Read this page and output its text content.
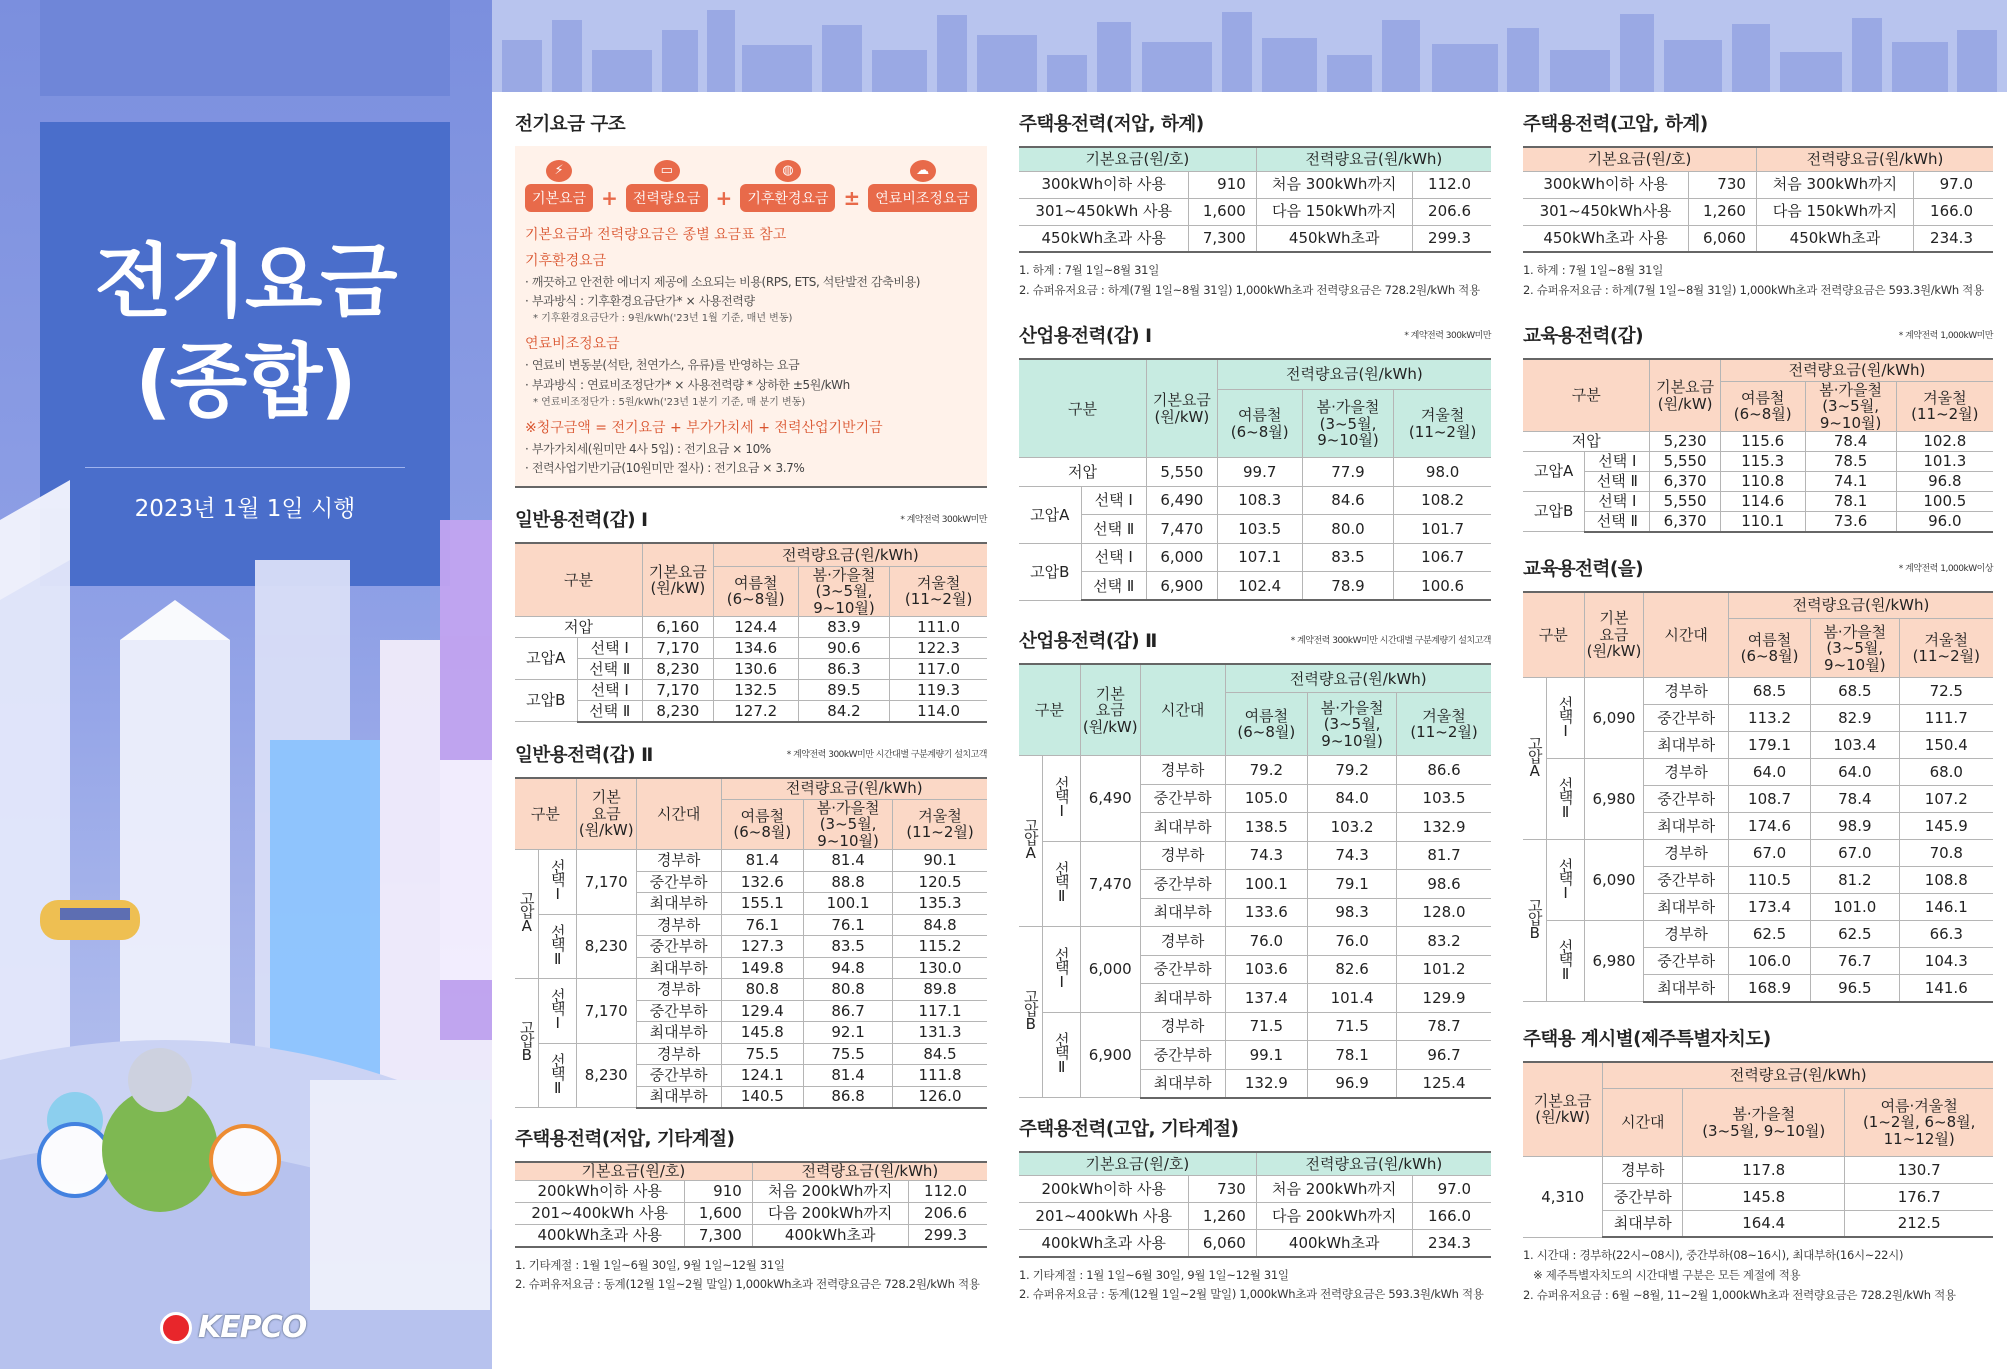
전기요금
(종합)
2023년 1월 1일 시행
KEPCO
전기요금 구조
⚡
기본요금 +
▭
전력량요금 +
◍
기후환경요금 ±
☁
연료비조정요금
기본요금과 전력량요금은 종별 요금표 참고
기후환경요금
· 깨끗하고 안전한 에너지 제공에 소요되는 비용(RPS, ETS, 석탄발전 감축비용)
· 부과방식 : 기후환경요금단가* × 사용전력량
* 기후환경요금단가 : 9원/kWh('23년 1월 기준, 매년 변동)
연료비조정요금
· 연료비 변동분(석탄, 천연가스, 유류)를 반영하는 요금
· 부과방식 : 연료비조정단가* × 사용전력량 * 상하한 ±5원/kWh
* 연료비조정단가 : 5원/kWh('23년 1분기 기준, 매 분기 변동)
※청구금액 = 전기요금 + 부가가치세 + 전력산업기반기금
· 부가가치세(원미만 4사 5입) : 전기요금 × 10%
· 전력사업기반기금(10원미만 절사) : 전기요금 × 3.7%
일반용전력(갑) Ⅰ	* 계약전력 300kW미만
구분		기본요금
(원/kW)	전력량요금(원/kWh)		
			여름철
(6~8월)	봄·가을철
(3~5월,
9~10월)	겨울철
(11~2월)
저압		6,160	124.4	83.9	111.0
고압A	선택 Ⅰ	7,170	134.6	90.6	122.3
	선택 Ⅱ	8,230	130.6	86.3	117.0
고압B	선택 Ⅰ	7,170	132.5	89.5	119.3
	선택 Ⅱ	8,230	127.2	84.2	114.0
일반용전력(갑) Ⅱ	* 계약전력 300kW미만 시간대별 구분계량기 설치고객
구분		기본
요금
(원/kW)	시간대	전력량요금(원/kWh)		
				여름철
(6~8월)	봄·가을철
(3~5월,
9~10월)	겨울철
(11~2월)
고압A	선택Ⅰ	7,170	경부하	81.4	81.4	90.1
			중간부하	132.6	88.8	120.5
			최대부하	155.1	100.1	135.3
	선택Ⅱ	8,230	경부하	76.1	76.1	84.8
			중간부하	127.3	83.5	115.2
			최대부하	149.8	94.8	130.0
고압B	선택Ⅰ	7,170	경부하	80.8	80.8	89.8
			중간부하	129.4	86.7	117.1
			최대부하	145.8	92.1	131.3
	선택Ⅱ	8,230	경부하	75.5	75.5	84.5
			중간부하	124.1	81.4	111.8
			최대부하	140.5	86.8	126.0
주택용전력(저압, 기타계절)
기본요금(원/호)		전력량요금(원/kWh)	
200kWh이하 사용	910	처음 200kWh까지	112.0
201~400kWh 사용	1,600	다음 200kWh까지	206.6
400kWh초과 사용	7,300	400kWh초과	299.3
1. 기타계절 : 1월 1일~6월 30일, 9월 1일~12월 31일
2. 슈퍼유저요금 : 동계(12월 1일~2월 말일) 1,000kWh초과 전력량요금은 728.2원/kWh 적용
주택용전력(저압, 하계)
기본요금(원/호)		전력량요금(원/kWh)	
300kWh이하 사용	910	처음 300kWh까지	112.0
301~450kWh 사용	1,600	다음 150kWh까지	206.6
450kWh초과 사용	7,300	450kWh초과	299.3
1. 하계 : 7월 1일~8월 31일
2. 슈퍼유저요금 : 하계(7월 1일~8월 31일) 1,000kWh초과 전력량요금은 728.2원/kWh 적용
산업용전력(갑) Ⅰ	* 계약전력 300kW미만
구분		기본요금
(원/kW)	전력량요금(원/kWh)		
			여름철
(6~8월)	봄·가을철
(3~5월,
9~10월)	겨울철
(11~2월)
저압		5,550	99.7	77.9	98.0
고압A	선택 Ⅰ	6,490	108.3	84.6	108.2
	선택 Ⅱ	7,470	103.5	80.0	101.7
고압B	선택 Ⅰ	6,000	107.1	83.5	106.7
	선택 Ⅱ	6,900	102.4	78.9	100.6
산업용전력(갑) Ⅱ	* 계약전력 300kW미만 시간대별 구분계량기 설치고객
구분		기본
요금
(원/kW)	시간대	전력량요금(원/kWh)		
				여름철
(6~8월)	봄·가을철
(3~5월,
9~10월)	겨울철
(11~2월)
고압A	선택Ⅰ	6,490	경부하	79.2	79.2	86.6
			중간부하	105.0	84.0	103.5
			최대부하	138.5	103.2	132.9
	선택Ⅱ	7,470	경부하	74.3	74.3	81.7
			중간부하	100.1	79.1	98.6
			최대부하	133.6	98.3	128.0
고압B	선택Ⅰ	6,000	경부하	76.0	76.0	83.2
			중간부하	103.6	82.6	101.2
			최대부하	137.4	101.4	129.9
	선택Ⅱ	6,900	경부하	71.5	71.5	78.7
			중간부하	99.1	78.1	96.7
			최대부하	132.9	96.9	125.4
주택용전력(고압, 기타계절)
기본요금(원/호)		전력량요금(원/kWh)	
200kWh이하 사용	730	처음 200kWh까지	97.0
201~400kWh 사용	1,260	다음 200kWh까지	166.0
400kWh초과 사용	6,060	400kWh초과	234.3
1. 기타계절 : 1월 1일~6월 30일, 9월 1일~12월 31일
2. 슈퍼유저요금 : 동계(12월 1일~2월 말일) 1,000kWh초과 전력량요금은 593.3원/kWh 적용
주택용전력(고압, 하계)
기본요금(원/호)		전력량요금(원/kWh)	
300kWh이하 사용	730	처음 300kWh까지	97.0
301~450kWh사용	1,260	다음 150kWh까지	166.0
450kWh초과 사용	6,060	450kWh초과	234.3
1. 하계 : 7월 1일~8월 31일
2. 슈퍼유저요금 : 하계(7월 1일~8월 31일) 1,000kWh초과 전력량요금은 593.3원/kWh 적용
교육용전력(갑)	* 계약전력 1,000kW미만
구분		기본요금
(원/kW)	전력량요금(원/kWh)		
			여름철
(6~8월)	봄·가을철
(3~5월,
9~10월)	겨울철
(11~2월)
저압		5,230	115.6	78.4	102.8
고압A	선택 Ⅰ	5,550	115.3	78.5	101.3
	선택 Ⅱ	6,370	110.8	74.1	96.8
고압B	선택 Ⅰ	5,550	114.6	78.1	100.5
	선택 Ⅱ	6,370	110.1	73.6	96.0
교육용전력(을)	* 계약전력 1,000kW이상
구분		기본
요금
(원/kW)	시간대	전력량요금(원/kWh)		
				여름철
(6~8월)	봄·가을철
(3~5월,
9~10월)	겨울철
(11~2월)
고압A	선택Ⅰ	6,090	경부하	68.5	68.5	72.5
			중간부하	113.2	82.9	111.7
			최대부하	179.1	103.4	150.4
	선택Ⅱ	6,980	경부하	64.0	64.0	68.0
			중간부하	108.7	78.4	107.2
			최대부하	174.6	98.9	145.9
고압B	선택Ⅰ	6,090	경부하	67.0	67.0	70.8
			중간부하	110.5	81.2	108.8
			최대부하	173.4	101.0	146.1
	선택Ⅱ	6,980	경부하	62.5	62.5	66.3
			중간부하	106.0	76.7	104.3
			최대부하	168.9	96.5	141.6
주택용 계시별(제주특별자치도)
기본요금
(원/kW)	전력량요금(원/kWh)		
	시간대	봄·가을철
(3~5월, 9~10월)	여름·겨울철
(1~2월, 6~8월,
11~12월)
4,310	경부하	117.8	130.7
	중간부하	145.8	176.7
	최대부하	164.4	212.5
1. 시간대 : 경부하(22시~08시), 중간부하(08~16시), 최대부하(16시~22시)
※ 제주특별자치도의 시간대별 구분은 모든 계절에 적용
2. 슈퍼유저요금 : 6월 ~8월, 11~2월 1,000kWh초과 전력량요금은 728.2원/kWh 적용
